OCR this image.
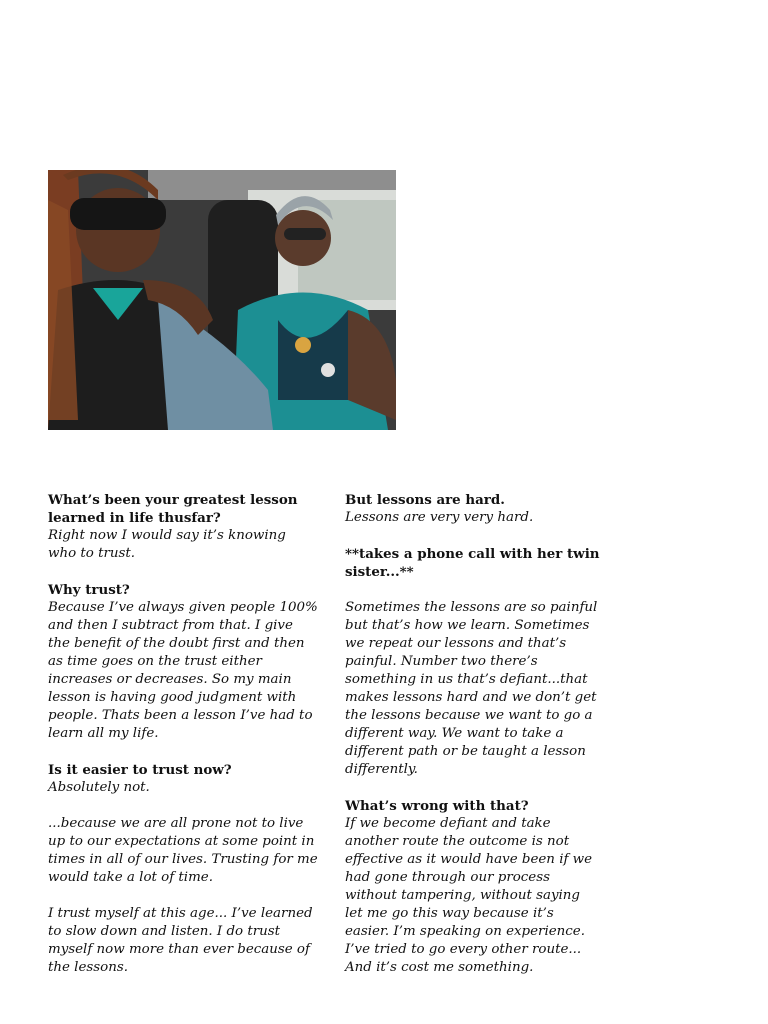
What’s been your greatest lesson learned in life thusfar?
Right now I would say it’s knowing who to trust.
Why trust?
Because I’ve always given people 100% and then I subtract from that. I give the benefit of the doubt first and then as time goes on the trust either increases or decreases. So my main lesson is having good judgment with people. Thats been a lesson I’ve had to learn all my life.
Is it easier to trust now?
Absolutely not.
...because we are all prone not to live up to our expectations at some point in times in all of our lives. Trusting for me would take a lot of time.
I trust myself at this age... I’ve learned to slow down and listen. I do trust myself now more than ever because of the lessons.
But lessons are hard.
Lessons are very very hard.
**takes a phone call with her twin sister...**
Sometimes the lessons are so painful but that’s how we learn. Sometimes we repeat our lessons and that’s painful. Number two there’s something in us that’s defiant...that makes lessons hard and we don’t get the lessons because we want to go a different way. We want to take a different path or be taught a lesson differently.
What’s wrong with that?
If we become defiant and take another route the outcome is not effective as it would have been if we had gone through our process without tampering, without saying let me go this way because it’s easier. I’m speaking on experience. I’ve tried to go every other route... And it’s cost me something.
